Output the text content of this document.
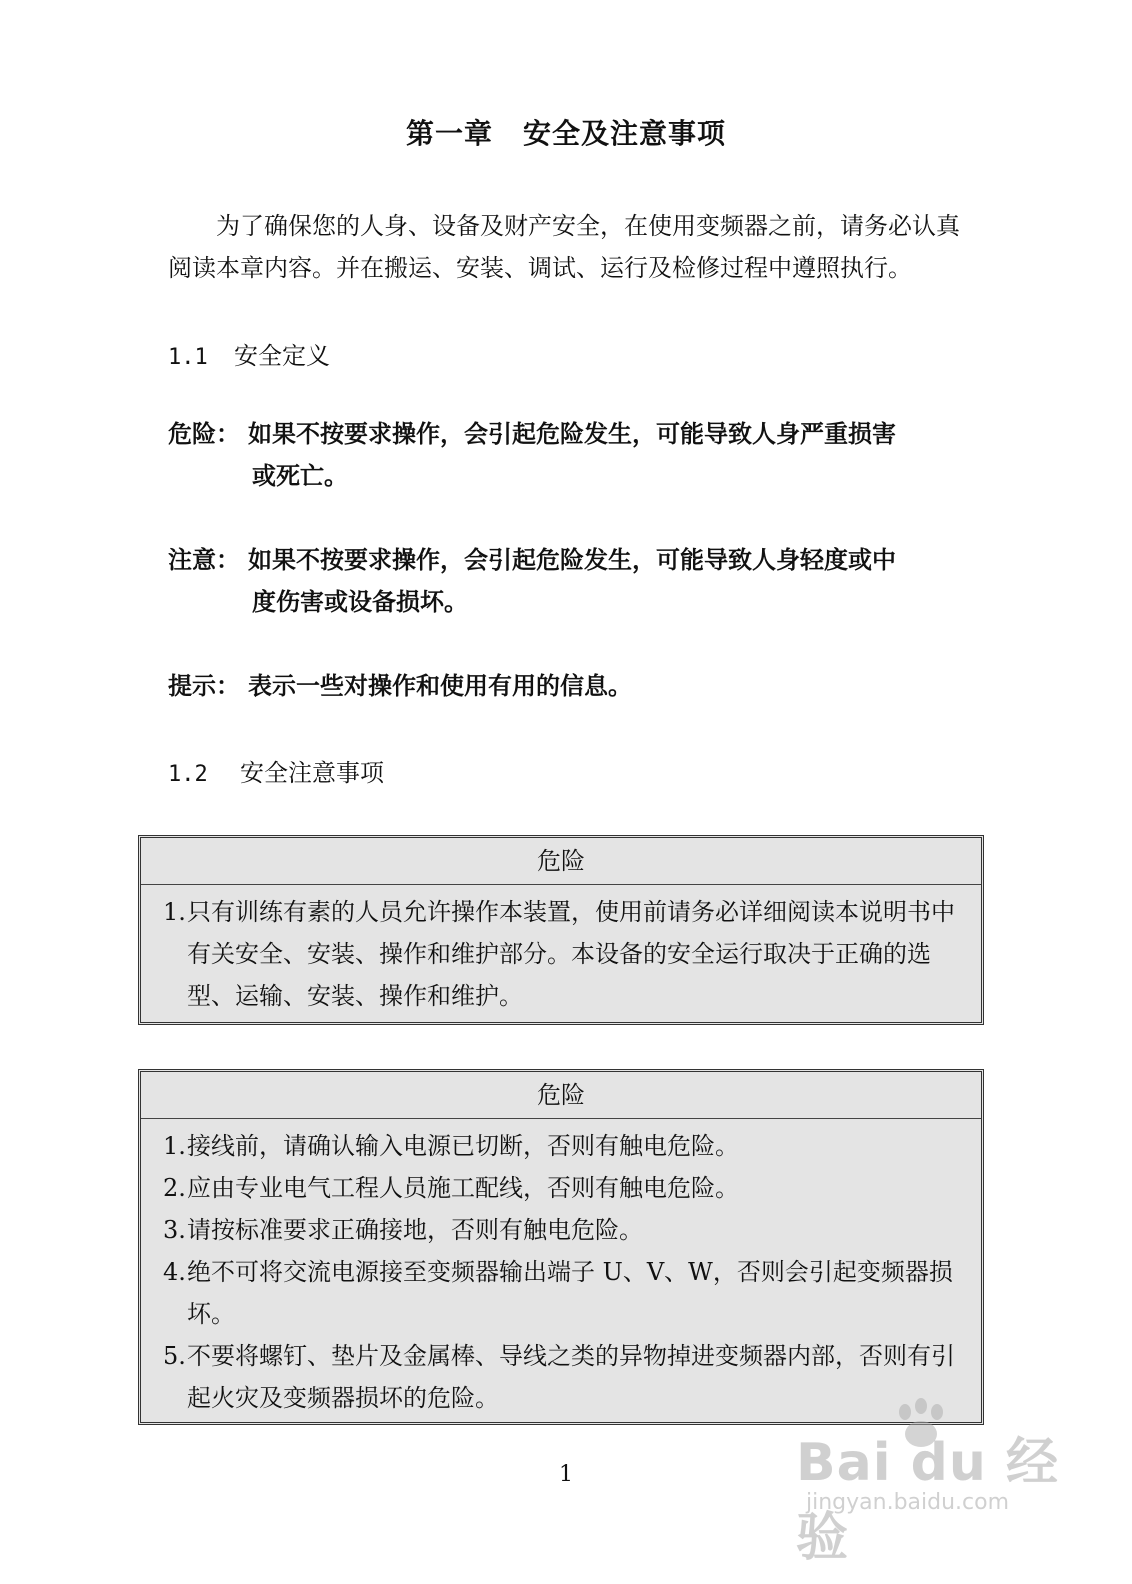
第一章 安全及注意事项
为了确保您的人身、设备及财产安全，在使用变频器之前，请务必认真阅读本章内容。并在搬运、安装、调试、运行及检修过程中遵照执行。
1.1 安全定义
危险： 如果不按要求操作，会引起危险发生，可能导致人身严重损害
或死亡。
注意： 如果不按要求操作，会引起危险发生，可能导致人身轻度或中
度伤害或设备损坏。
提示： 表示一些对操作和使用有用的信息。
1.2 安全注意事项
危险
1. 只有训练有素的人员允许操作本装置，使用前请务必详细阅读本说明书中有关安全、安装、操作和维护部分。本设备的安全运行取决于正确的选型、运输、安装、操作和维护。
危险
1. 接线前，请确认输入电源已切断，否则有触电危险。
2. 应由专业电气工程人员施工配线，否则有触电危险。
3. 请按标准要求正确接地，否则有触电危险。
4. 绝不可将交流电源接至变频器输出端子 U、V、W，否则会引起变频器损坏。
5. 不要将螺钉、垫片及金属棒、导线之类的异物掉进变频器内部，否则有引起火灾及变频器损坏的危险。
1	Bai du 经验
jingyan.baidu.com
